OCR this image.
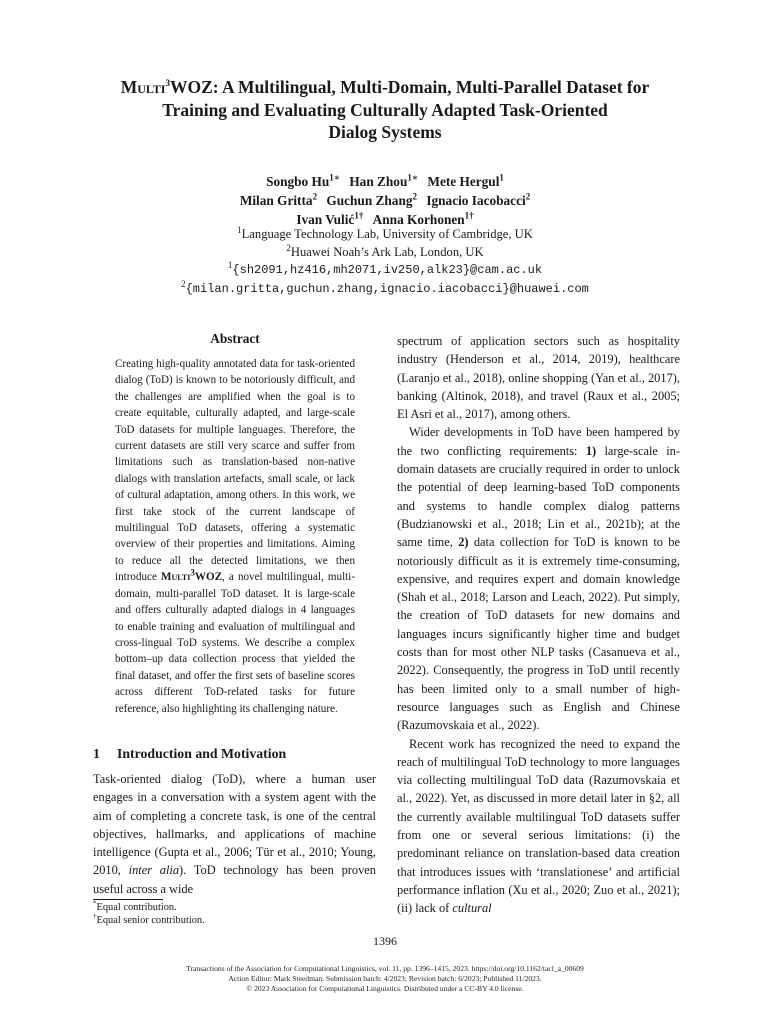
Multi$^3$WOZ: A Multilingual, Multi-Domain, Multi-Parallel Dataset for
Training and Evaluating Culturally Adapted Task-Oriented
Dialog Systems
Songbo $Hu^{1∗}$ Han Zhou$^{1∗}$ Mete Hergul$^1$
Milan Gritta$^2$ Guchun Zhang$^2$ Ignacio Iacobacci$^2$
Ivan Vulić$^{1\dagger}$ Anna Korhonen$^{1\dagger}$
$^1$Language Technology Lab, University of Cambridge, UK
$^2$Huawei Noah’s Ark Lab, London, UK
$^1${sh2091,hz416,mh2071,iv250,alk23}@cam.ac.uk
$^2${milan.gritta,guchun.zhang,ignacio.iacobacci}@huawei.com
Abstract
Creating high-quality annotated data for task-oriented dialog (ToD) is known to be notoriously difficult, and the challenges are amplified when the goal is to create equitable, culturally adapted, and large-scale ToD datasets for multiple languages. Therefore, the current datasets are still very scarce and suffer from limitations such as translation-based non-native dialogs with translation artefacts, small scale, or lack of cultural adaptation, among others. In this work, we first take stock of the current landscape of multilingual ToD datasets, offering a systematic overview of their properties and limitations. Aiming to reduce all the detected limitations, we then introduce Multi$^3$WOZ, a novel multilingual, multi-domain, multi-parallel ToD dataset. It is large-scale and offers culturally adapted dialogs in 4 languages to enable training and evaluation of multilingual and cross-lingual ToD systems. We describe a complex bottom–up data collection process that yielded the final dataset, and offer the first sets of baseline scores across different ToD-related tasks for future reference, also highlighting its challenging nature.
1 Introduction and Motivation
Task-oriented dialog (ToD), where a human user engages in a conversation with a system agent with the aim of completing a concrete task, is one of the central objectives, hallmarks, and applications of machine intelligence (Gupta et al., 2006; Tür et al., 2010; Young, 2010, inter alia). ToD technology has been proven useful across a wide
*Equal contribution.
†Equal senior contribution.

spectrum of application sectors such as hospitality industry (Henderson et al., 2014, 2019), healthcare (Laranjo et al., 2018), online shopping (Yan et al., 2017), banking (Altinok, 2018), and travel (Raux et al., 2005; El Asri et al., 2017), among others.

Wider developments in ToD have been hampered by the two conflicting requirements: 1) large-scale in-domain datasets are crucially required in order to unlock the potential of deep learning-based ToD components and systems to handle complex dialog patterns (Budzianowski et al., 2018; Lin et al., 2021b); at the same time, 2) data collection for ToD is known to be notoriously difficult as it is extremely time-consuming, expensive, and requires expert and domain knowledge (Shah et al., 2018; Larson and Leach, 2022). Put simply, the creation of ToD datasets for new domains and languages incurs significantly higher time and budget costs than for most other NLP tasks (Casanueva et al., 2022). Consequently, the progress in ToD until recently has been limited only to a small number of high-resource languages such as English and Chinese (Razumovskaia et al., 2022).

Recent work has recognized the need to expand the reach of multilingual ToD technology to more languages via collecting multilingual ToD data (Razumovskaia et al., 2022). Yet, as discussed in more detail later in §2, all the currently available multilingual ToD datasets suffer from one or several serious limitations: (i) the predominant reliance on translation-based data creation that introduces issues with ‘translationese’ and artificial performance inflation (Xu et al., 2020; Zuo et al., 2021); (ii) lack of cultural

1396
Transactions of the Association for Computational Linguistics, vol. 11, pp. 1396–1415, 2023. https://doi.org/10.1162/tacl_a_00609
Action Editor: Mark Steedman. Submission batch: 4/2023; Revision batch: 6/2023; Published 11/2023.
© 2023 Association for Computational Linguistics. Distributed under a CC-BY 4.0 license.
